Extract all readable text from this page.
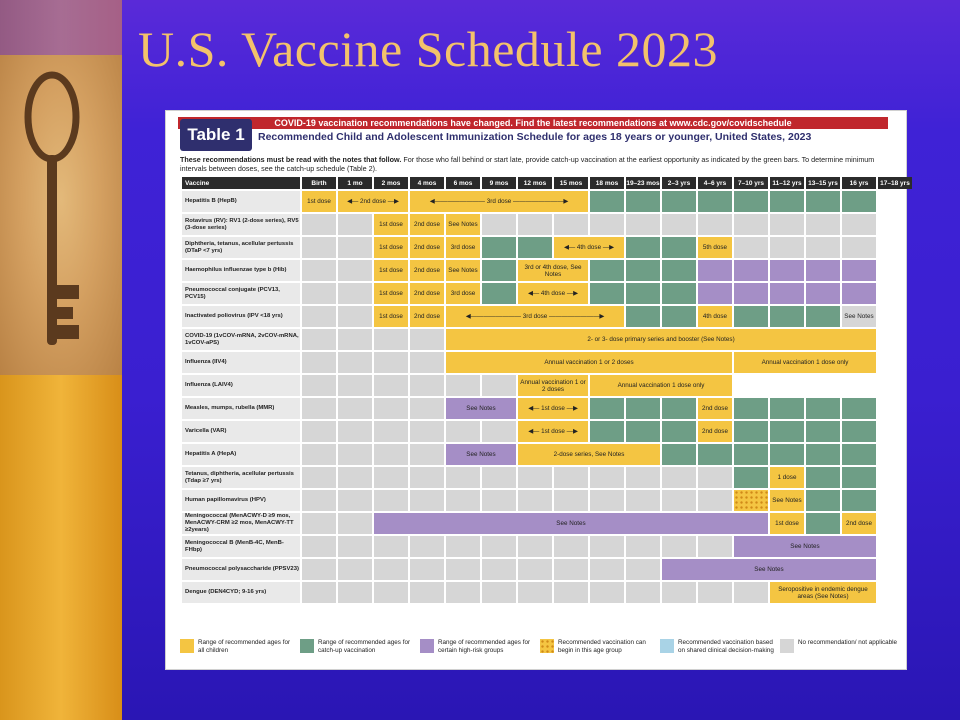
U.S. Vaccine Schedule 2023
COVID-19 vaccination recommendations have changed. Find the latest recommendations at www.cdc.gov/covidschedule
Table 1	Recommended Child and Adolescent Immunization Schedule for ages 18 years or younger, United States, 2023
These recommendations must be read with the notes that follow. For those who fall behind or start late, provide catch-up vaccination at the earliest opportunity as indicated by the green bars. To determine minimum intervals between doses, see the catch-up schedule (Table 2).
Vaccine	Birth	1 mo	2 mos	4 mos	6 mos	9 mos	12 mos	15 mos	18 mos	19–23 mos	2–3 yrs	4–6 yrs	7–10 yrs	11–12 yrs	13–15 yrs	16 yrs	17–18 yrs
Hepatitis B (HepB)	1st dose	◀— 2nd dose —▶		◀———————— 3rd dose ————————▶													
Rotavirus (RV): RV1 (2-dose series), RV5 (3-dose series)			1st dose	2nd dose	See Notes												
Diphtheria, tetanus, acellular pertussis (DTaP <7 yrs)			1st dose	2nd dose	3rd dose			◀— 4th dose —▶				5th dose					
Haemophilus influenzae type b (Hib)			1st dose	2nd dose	See Notes		3rd or 4th dose, See Notes										
Pneumococcal conjugate (PCV13, PCV15)			1st dose	2nd dose	3rd dose		◀— 4th dose —▶										
Inactivated poliovirus (IPV <18 yrs)			1st dose	2nd dose	◀———————— 3rd dose ————————▶							4th dose				See Notes	
COVID-19 (1vCOV-mRNA, 2vCOV-mRNA, 1vCOV-aPS)					2- or 3- dose primary series and booster (See Notes)												
Influenza (IIV4)					Annual vaccination 1 or 2 doses								Annual vaccination 1 dose only				
Influenza (LAIV4)							Annual vaccination 1 or 2 doses		Annual vaccination 1 dose only								
Measles, mumps, rubella (MMR)					See Notes		◀— 1st dose —▶					2nd dose					
Varicella (VAR)							◀— 1st dose —▶					2nd dose					
Hepatitis A (HepA)					See Notes		2-dose series, See Notes										
Tetanus, diphtheria, acellular pertussis (Tdap ≥7 yrs)														1 dose			
Human papillomavirus (HPV)														See Notes			
Meningococcal (MenACWY-D ≥9 mos, MenACWY-CRM ≥2 mos, MenACWY-TT ≥2years)			See Notes											1st dose		2nd dose	
Meningococcal B (MenB-4C, MenB-FHbp)													See Notes				
Pneumococcal polysaccharide (PPSV23)											See Notes						
Dengue (DEN4CYD; 9-16 yrs)														Seropositive in endemic dengue areas (See Notes)			
Range of recommended ages for all children
Range of recommended ages for catch-up vaccination
Range of recommended ages for certain high-risk groups
Recommended vaccination can begin in this age group
Recommended vaccination based on shared clinical decision-making
No recommendation/ not applicable
